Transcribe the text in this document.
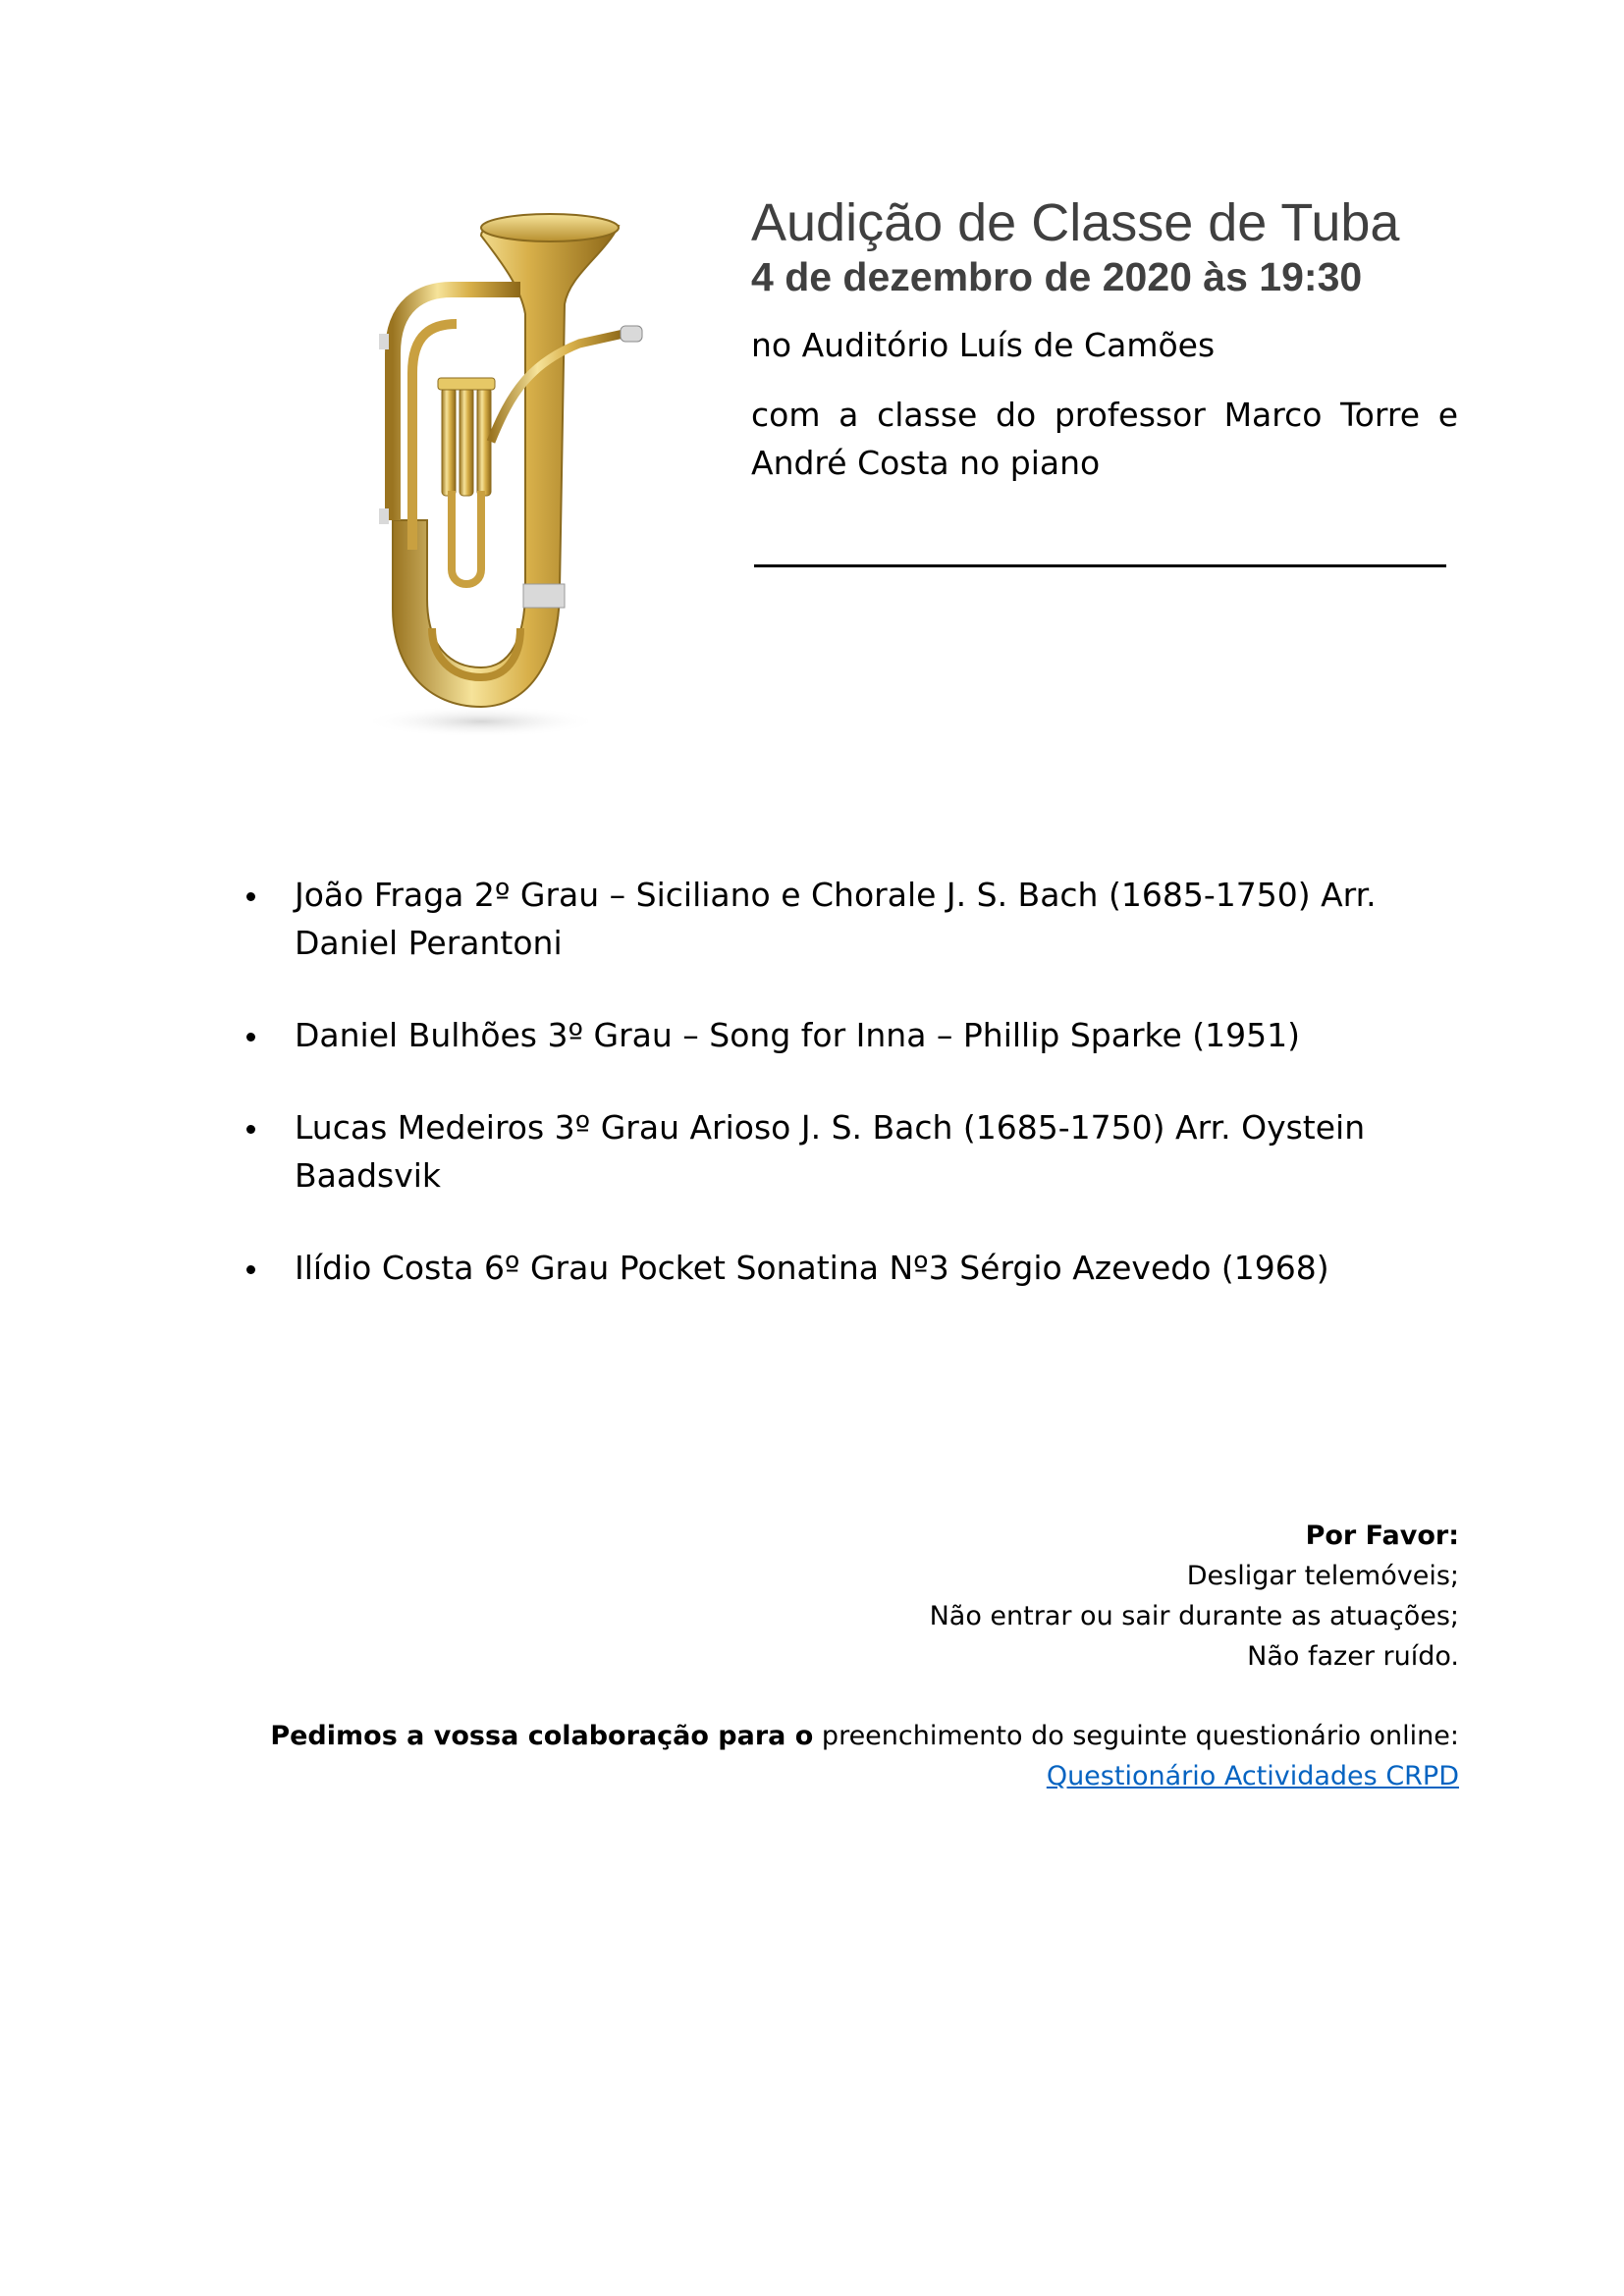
Audição de Classe de Tuba

4 de dezembro de 2020 às 19:30

no Auditório Luís de Camões

com a classe do professor Marco Torre e André Costa no piano

João Fraga 2º Grau – Siciliano e Chorale J. S. Bach (1685-1750) Arr. Daniel Perantoni
Daniel Bulhões 3º Grau – Song for Inna – Phillip Sparke (1951)
Lucas Medeiros 3º Grau Arioso J. S. Bach (1685-1750) Arr. Oystein Baadsvik
Ilídio Costa 6º Grau Pocket Sonatina Nº3 Sérgio Azevedo (1968)
Por Favor:
Desligar telemóveis;
Não entrar ou sair durante as atuações;
Não fazer ruído.
Pedimos a vossa colaboração para o preenchimento do seguinte questionário online:
Questionário Actividades CRPD
